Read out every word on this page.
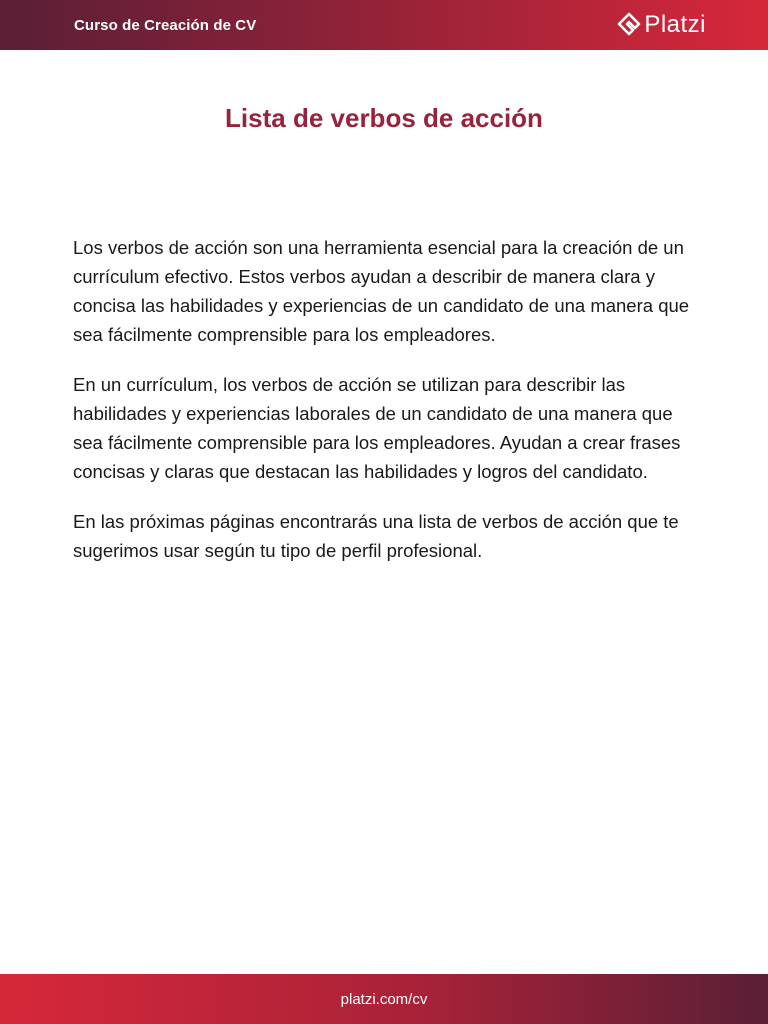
Curso de Creación de CV	Platzi
Lista de verbos de acción

Los verbos de acción son una herramienta esencial para la creación de un currículum efectivo. Estos verbos ayudan a describir de manera clara y concisa las habilidades y experiencias de un candidato de una manera que sea fácilmente comprensible para los empleadores.

En un currículum, los verbos de acción se utilizan para describir las habilidades y experiencias laborales de un candidato de una manera que sea fácilmente comprensible para los empleadores. Ayudan a crear frases concisas y claras que destacan las habilidades y logros del candidato.

En las próximas páginas encontrarás una lista de verbos de acción que te sugerimos usar según tu tipo de perfil profesional.

platzi.com/cv
